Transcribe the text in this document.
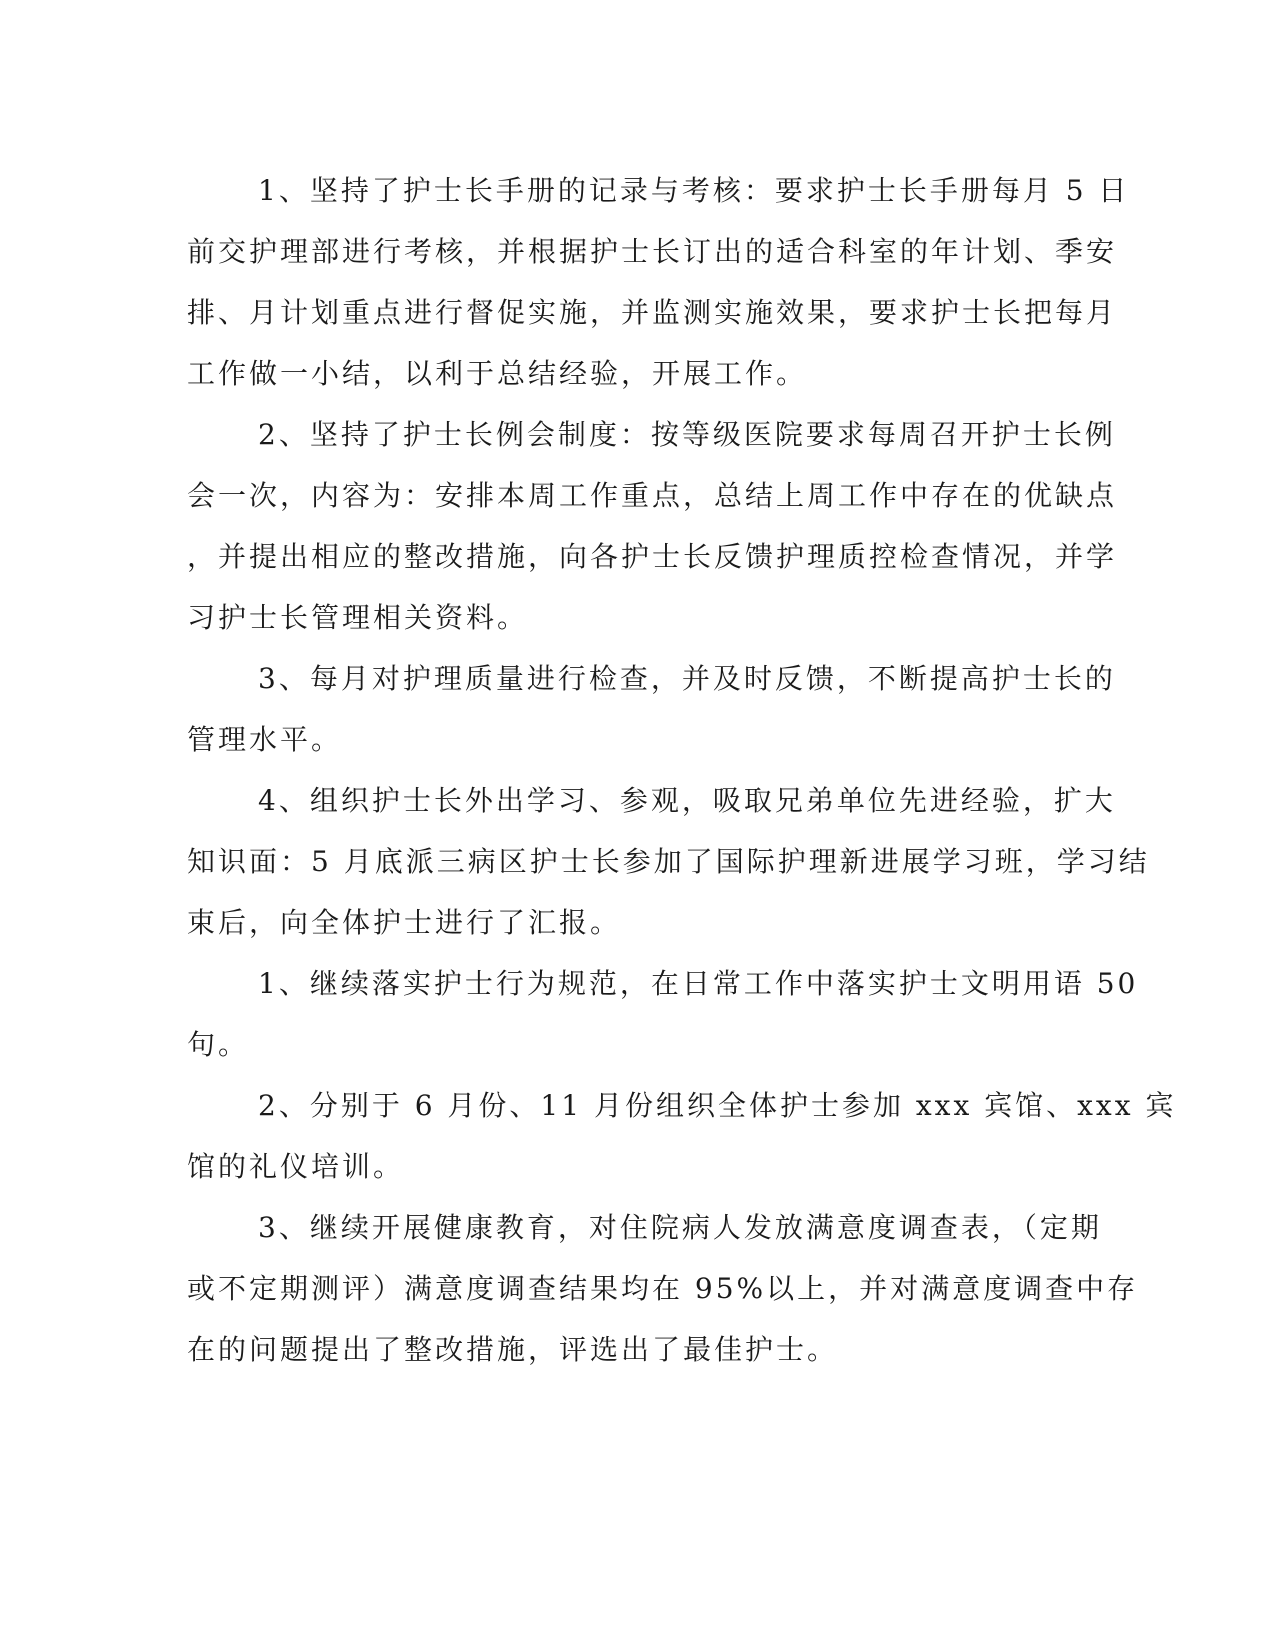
1、坚持了护士长手册的记录与考核：要求护士长手册每月 5 日
前交护理部进行考核，并根据护士长订出的适合科室的年计划、季安
排、月计划重点进行督促实施，并监测实施效果，要求护士长把每月
工作做一小结，以利于总结经验，开展工作。
2、坚持了护士长例会制度：按等级医院要求每周召开护士长例
会一次，内容为：安排本周工作重点，总结上周工作中存在的优缺点
，并提出相应的整改措施，向各护士长反馈护理质控检查情况，并学
习护士长管理相关资料。
3、每月对护理质量进行检查，并及时反馈，不断提高护士长的
管理水平。
4、组织护士长外出学习、参观，吸取兄弟单位先进经验，扩大
知识面：5 月底派三病区护士长参加了国际护理新进展学习班，学习结
束后，向全体护士进行了汇报。
1、继续落实护士行为规范，在日常工作中落实护士文明用语 50
句。
2、分别于 6 月份、11 月份组织全体护士参加 xxx 宾馆、xxx 宾
馆的礼仪培训。
3、继续开展健康教育，对住院病人发放满意度调查表，（定期
或不定期测评）满意度调查结果均在 95%以上，并对满意度调查中存
在的问题提出了整改措施，评选出了最佳护士。
